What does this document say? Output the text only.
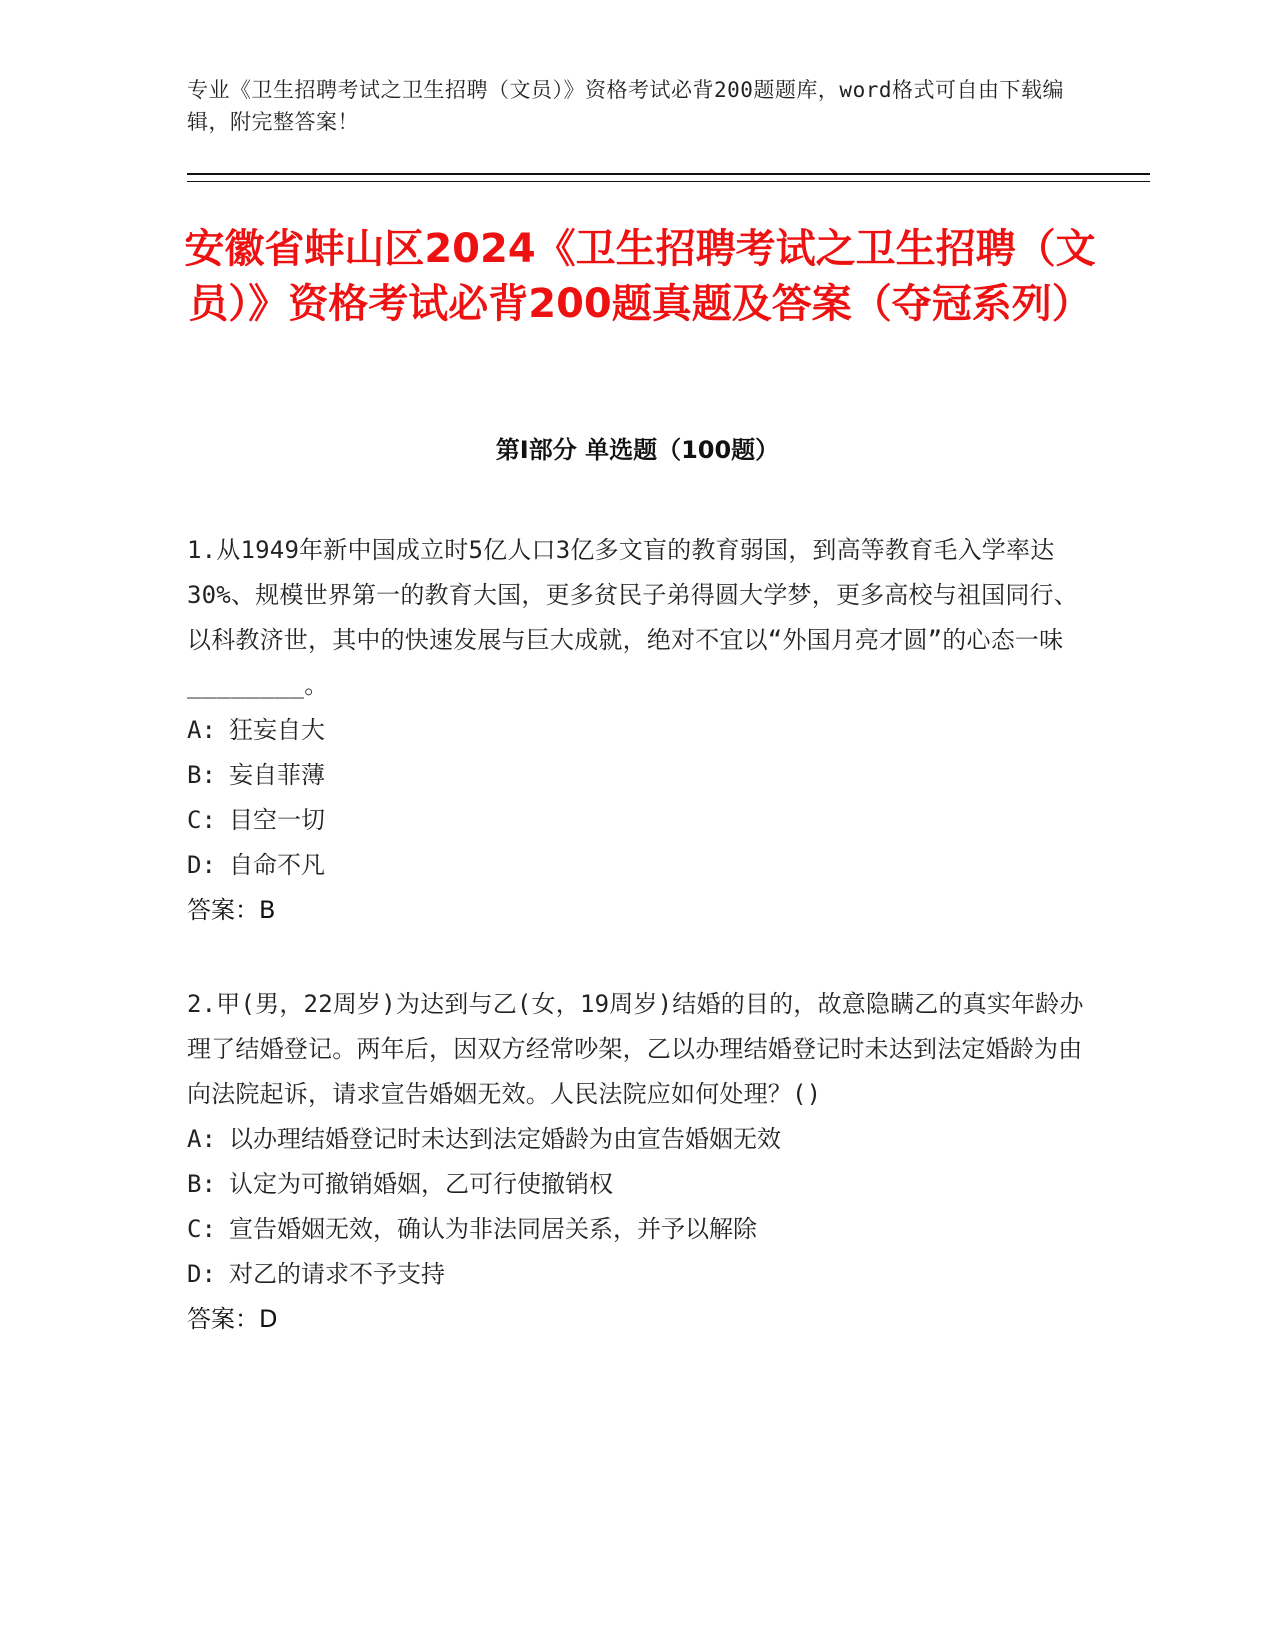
专业《卫生招聘考试之卫生招聘（文员）》资格考试必背200题题库，word格式可自由下载编辑，附完整答案！
安徽省蚌山区2024《卫生招聘考试之卫生招聘（文员）》资格考试必背200题真题及答案（夺冠系列）
第Ⅰ部分 单选题（100题）

1.从1949年新中国成立时5亿人口3亿多文盲的教育弱国，到高等教育毛入学率达30%、规模世界第一的教育大国，更多贫民子弟得圆大学梦，更多高校与祖国同行、以科教济世，其中的快速发展与巨大成就，绝对不宜以“外国月亮才圆”的心态一味________。

A: 狂妄自大

B: 妄自菲薄

C: 目空一切

D: 自命不凡

答案：B

2.甲(男，22周岁)为达到与乙(女，19周岁)结婚的目的，故意隐瞒乙的真实年龄办理了结婚登记。两年后，因双方经常吵架，乙以办理结婚登记时未达到法定婚龄为由向法院起诉，请求宣告婚姻无效。人民法院应如何处理？()

A: 以办理结婚登记时未达到法定婚龄为由宣告婚姻无效

B: 认定为可撤销婚姻，乙可行使撤销权

C: 宣告婚姻无效，确认为非法同居关系，并予以解除

D: 对乙的请求不予支持

答案：D
